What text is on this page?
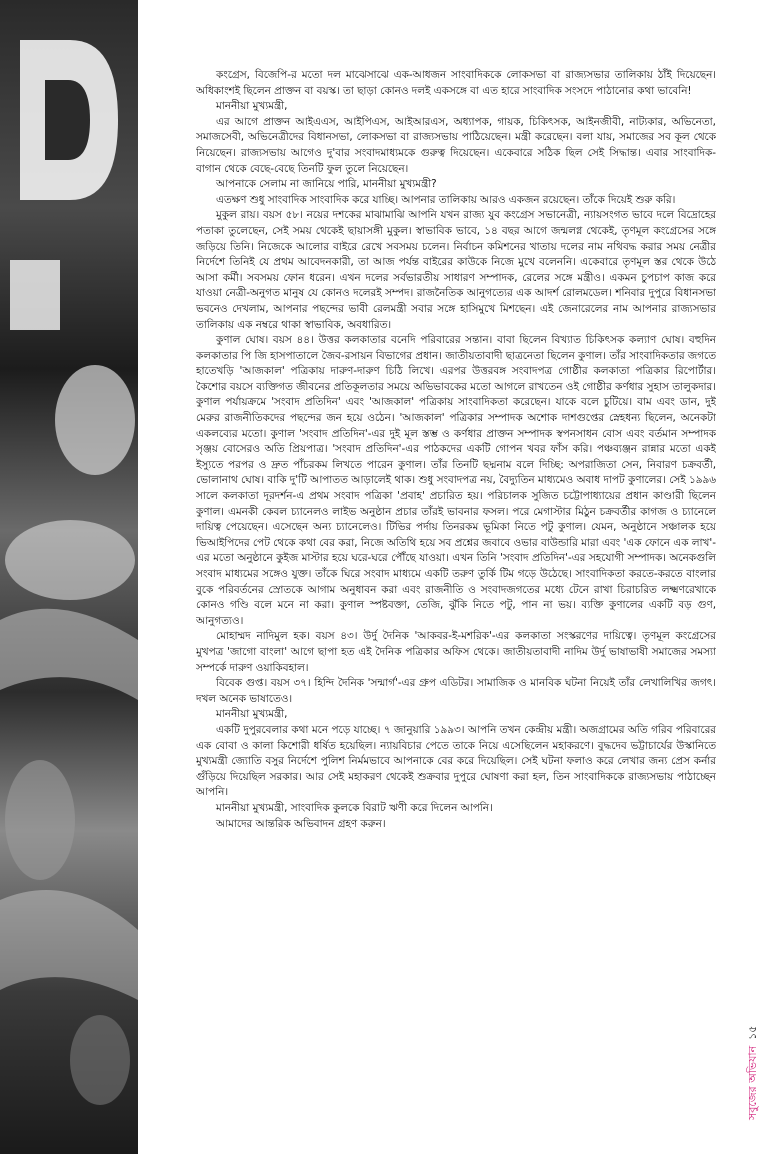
কংগ্রেস, বিজেপি-র মতো দল মাঝেসাঝে এক-আধজন সাংবাদিককে লোকসভা বা রাজ্যসভার তালিকায় ঠাঁই দিয়েছেন। অধিকাংশই ছিলেন প্রাক্তন বা বয়স্ক। তা ছাড়া কোনও দলই একসঙ্গে বা এত হারে সাংবাদিক সংসদে পাঠানোর কথা ভাবেনি!

মাননীয়া মুখ্যমন্ত্রী,

এর আগে প্রাক্তন আইএএস, আইপিএস, আইআরএস, অধ্যাপক, গায়ক, চিকিৎসক, আইনজীবী, নাট্যকার, অভিনেতা, সমাজসেবী, অভিনেত্রীদের বিধানসভা, লোকসভা বা রাজ্যসভায় পাঠিয়েছেন। মন্ত্রী করেছেন। বলা যায়, সমাজের সব কূল থেকে নিয়েছেন। রাজ্যসভায় আগেও দু'বার সংবাদমাধ্যমকে গুরুত্ব দিয়েছেন। একেবারে সঠিক ছিল সেই সিদ্ধান্ত। এবার সাংবাদিক-বাগান থেকে বেছে-বেছে তিনটি ফুল তুলে নিয়েছেন।

আপনাকে সেলাম না জানিয়ে পারি, মাননীয়া মুখ্যমন্ত্রী?

এতক্ষণ শুধু সাংবাদিক সাংবাদিক করে যাচ্ছি। আপনার তালিকায় আরও একজন রয়েছেন। তাঁকে দিয়েই শুরু করি।

মুকুল রায়। বয়স ৫৮। নয়ের দশকের মাঝামাঝি আপনি যখন রাজ্য যুব কংগ্রেস সভানেত্রী, ন্যায়সংগত ভাবে দলে বিদ্রোহের পতাকা তুলেছেন, সেই সময় থেকেই ছায়াসঙ্গী মুকুল। স্বাভাবিক ভাবে, ১৪ বছর আগে জন্মলগ্ন থেকেই, তৃণমূল কংগ্রেসের সঙ্গে জড়িয়ে তিনি। নিজেকে আলোর বাইরে রেখে সবসময় চলেন। নির্বাচন কমিশনের খাতায় দলের নাম নথিবদ্ধ করার সময় নেত্রীর নির্দেশে তিনিই যে প্রথম আবেদনকারী, তা আজ পর্যন্ত বাইরের কাউকে নিজে মুখে বলেননি। একেবারে তৃণমূল স্তর থেকে উঠে আসা কর্মী। সবসময় ফোন ধরেন। এখন দলের সর্বভারতীয় সাধারণ সম্পাদক, রেলের সঙ্গে মন্ত্রীও। একমন চুপচাপ কাজ করে যাওয়া নেত্রী-অনুগত মানুষ যে কোনও দলেরই সম্পদ। রাজনৈতিক আনুগত্যের এক আদর্শ রোলমডেল। শনিবার দুপুরে বিধানসভা ভবনেও দেখলাম, আপনার পছন্দের ভাবী রেলমন্ত্রী সবার সঙ্গে হাসিমুখে মিশছেন। এই জেনারেলের নাম আপনার রাজ্যসভার তালিকায় এক নম্বরে থাকা স্বাভাবিক, অবধারিত।

কুণাল ঘোষ। বয়স ৪৪। উত্তর কলকাতার বনেদি পরিবারের সন্তান। বাবা ছিলেন বিখ্যাত চিকিৎসক কল্যাণ ঘোষ। বহুদিন কলকাতার পি জি হাসপাতালে জৈব-রসায়ন বিভাগের প্রধান। জাতীয়তাবাদী ছাত্রনেতা ছিলেন কুণাল। তাঁর সাংবাদিকতার জগতে হাতেখড়ি 'আজকাল' পত্রিকায় দারুণ-দারুণ চিঠি লিখে। এরপর উত্তরবঙ্গ সংবাদপত্র গোষ্ঠীর কলকাতা পত্রিকার রিপোর্টার। কৈশোর বয়সে ব্যক্তিগত জীবনের প্রতিকূলতার সময়ে অভিভাবকের মতো আগলে রাখতেন ওই গোষ্ঠীর কর্ণধার সুহাস তালুকদার। কুণাল পর্যায়ক্রমে 'সংবাদ প্রতিদিন' এবং 'আজকাল' পত্রিকায় সাংবাদিকতা করেছেন। যাকে বলে চুটিয়ে। বাম এবং ডান, দুই মেরুর রাজনীতিকদের পছন্দের জন হয়ে ওঠেন। 'আজকাল' পত্রিকার সম্পাদক অশোক দাশগুপ্তের স্নেহধন্য ছিলেন, অনেকটা একলব্যের মতো। কুণাল 'সংবাদ প্রতিদিন'-এর দুই মূল স্তম্ভ ও কর্ণধার প্রাক্তন সম্পাদক স্বপনসাধন বোস এবং বর্তমান সম্পাদক সৃঞ্জয় বোসেরও অতি প্রিয়পাত্র। 'সংবাদ প্রতিদিন'-এর পাঠকদের একটি গোপন খবর ফাঁস করি। পঞ্চব্যঞ্জন রান্নার মতো একই ইস্যুতে পরপর ও দ্রুত পাঁচরকম লিখতে পারেন কুণাল। তাঁর তিনটি ছদ্মনাম বলে দিচ্ছি: অপরাজিতা সেন, নিবারণ চক্রবর্তী, ভোলানাথ ঘোষ। বাকি দু'টি আপাতত আড়ালেই থাক। শুধু সংবাদপত্র নয়, বৈদ্যুতিন মাধ্যমেও অবাধ দাপট কুণালের। সেই ১৯৯৬ সালে কলকাতা দূরদর্শন-এ প্রথম সংবাদ পত্রিকা 'প্রবাহ' প্রচারিত হয়। পরিচালক সুজিত চট্টোপাধ্যায়ের প্রধান কাণ্ডারী ছিলেন কুণাল। এমনকী কেবল চ্যানেলও লাইভ অনুষ্ঠান প্রচার তাঁরই ভাবনার ফসল। পরে মেগাস্টার মিঠুন চক্রবর্তীর কাগজ ও চ্যানেলে দায়িত্ব পেয়েছেন। এসেছেন অন্য চ্যানেলেও। টিভির পর্দায় তিনরকম ভূমিকা নিতে পটু কুণাল। যেমন, অনুষ্ঠানে সঞ্চালক হয়ে ভিআইপিদের পেট থেকে কথা বের করা, নিজে অতিথি হয়ে সব প্রশ্নের জবাবে ওভার বাউন্ডারি মারা এবং 'এক ফোনে এক লাখ'-এর মতো অনুষ্ঠানে কুইজ মাস্টার হয়ে ঘরে-ঘরে পৌঁছে যাওয়া। এখন তিনি 'সংবাদ প্রতিদিন'-এর সহযোগী সম্পাদক। অনেকগুলি সংবাদ মাধ্যমের সঙ্গেও যুক্ত। তাঁকে ঘিরে সংবাদ মাধ্যমে একটি তরুণ তুর্কি টিম গড়ে উঠেছে। সাংবাদিকতা করতে-করতে বাংলার বুকে পরিবর্তনের স্রোতকে আগাম অনুধাবন করা এবং রাজনীতি ও সংবাদজগতের মধ্যে টেনে রাখা চিরাচরিত লক্ষ্মণরেখাকে কোনও গণ্ডি বলে মনে না করা। কুণাল স্পষ্টবক্তা, তেজি, ঝুঁকি নিতে পটু, পান না ভয়। ব্যক্তি কুণালের একটি বড় গুণ, আনুগত্যও।

মোহাম্মদ নাদিমুল হক। বয়স ৪৩। উর্দু দৈনিক 'আকবর-ই-মশরিক'-এর কলকাতা সংস্করণের দায়িত্বে। তৃণমূল কংগ্রেসের মুখপত্র 'জাগো বাংলা' আগে ছাপা হত এই দৈনিক পত্রিকার অফিস থেকে। জাতীয়তাবাদী নাদিম উর্দু ভাষাভাষী সমাজের সমস্যা সম্পর্কে দারুণ ওয়াকিবহাল।

বিবেক গুপ্ত। বয়স ৩৭। হিন্দি দৈনিক 'সন্মার্গ'-এর গ্রুপ এডিটর। সামাজিক ও মানবিক ঘটনা নিয়েই তাঁর লেখালিখির জগৎ। দখল অনেক ভাষাতেও।

মাননীয়া মুখ্যমন্ত্রী,

একটি দুপুরবেলার কথা মনে পড়ে যাচ্ছে। ৭ জানুয়ারি ১৯৯৩। আপনি তখন কেন্দ্রীয় মন্ত্রী। অজগ্রামের অতি গরিব পরিবারের এক বোবা ও কালা কিশোরী ধর্ষিত হয়েছিল। ন্যায়বিচার পেতে তাকে নিয়ে এসেছিলেন মহাকরণে। বুদ্ধদেব ভট্টাচার্যের উস্কানিতে মুখ্যমন্ত্রী জ্যোতি বসুর নির্দেশে পুলিশ নির্মমভাবে আপনাকে বের করে দিয়েছিল। সেই ঘটনা ফলাও করে লেখার জন্য প্রেস কর্নার গুঁড়িয়ে দিয়েছিল সরকার। আর সেই মহাকরণ থেকেই শুক্রবার দুপুরে ঘোষণা করা হল, তিন সাংবাদিককে রাজ্যসভায় পাঠাচ্ছেন আপনি।

মাননীয়া মুখ্যমন্ত্রী, সাংবাদিক কুলকে বিরাট ঋণী করে দিলেন আপনি।

আমাদের আন্তরিক অভিবাদন গ্রহণ করুন।

সবুজের অভিযান১৫
